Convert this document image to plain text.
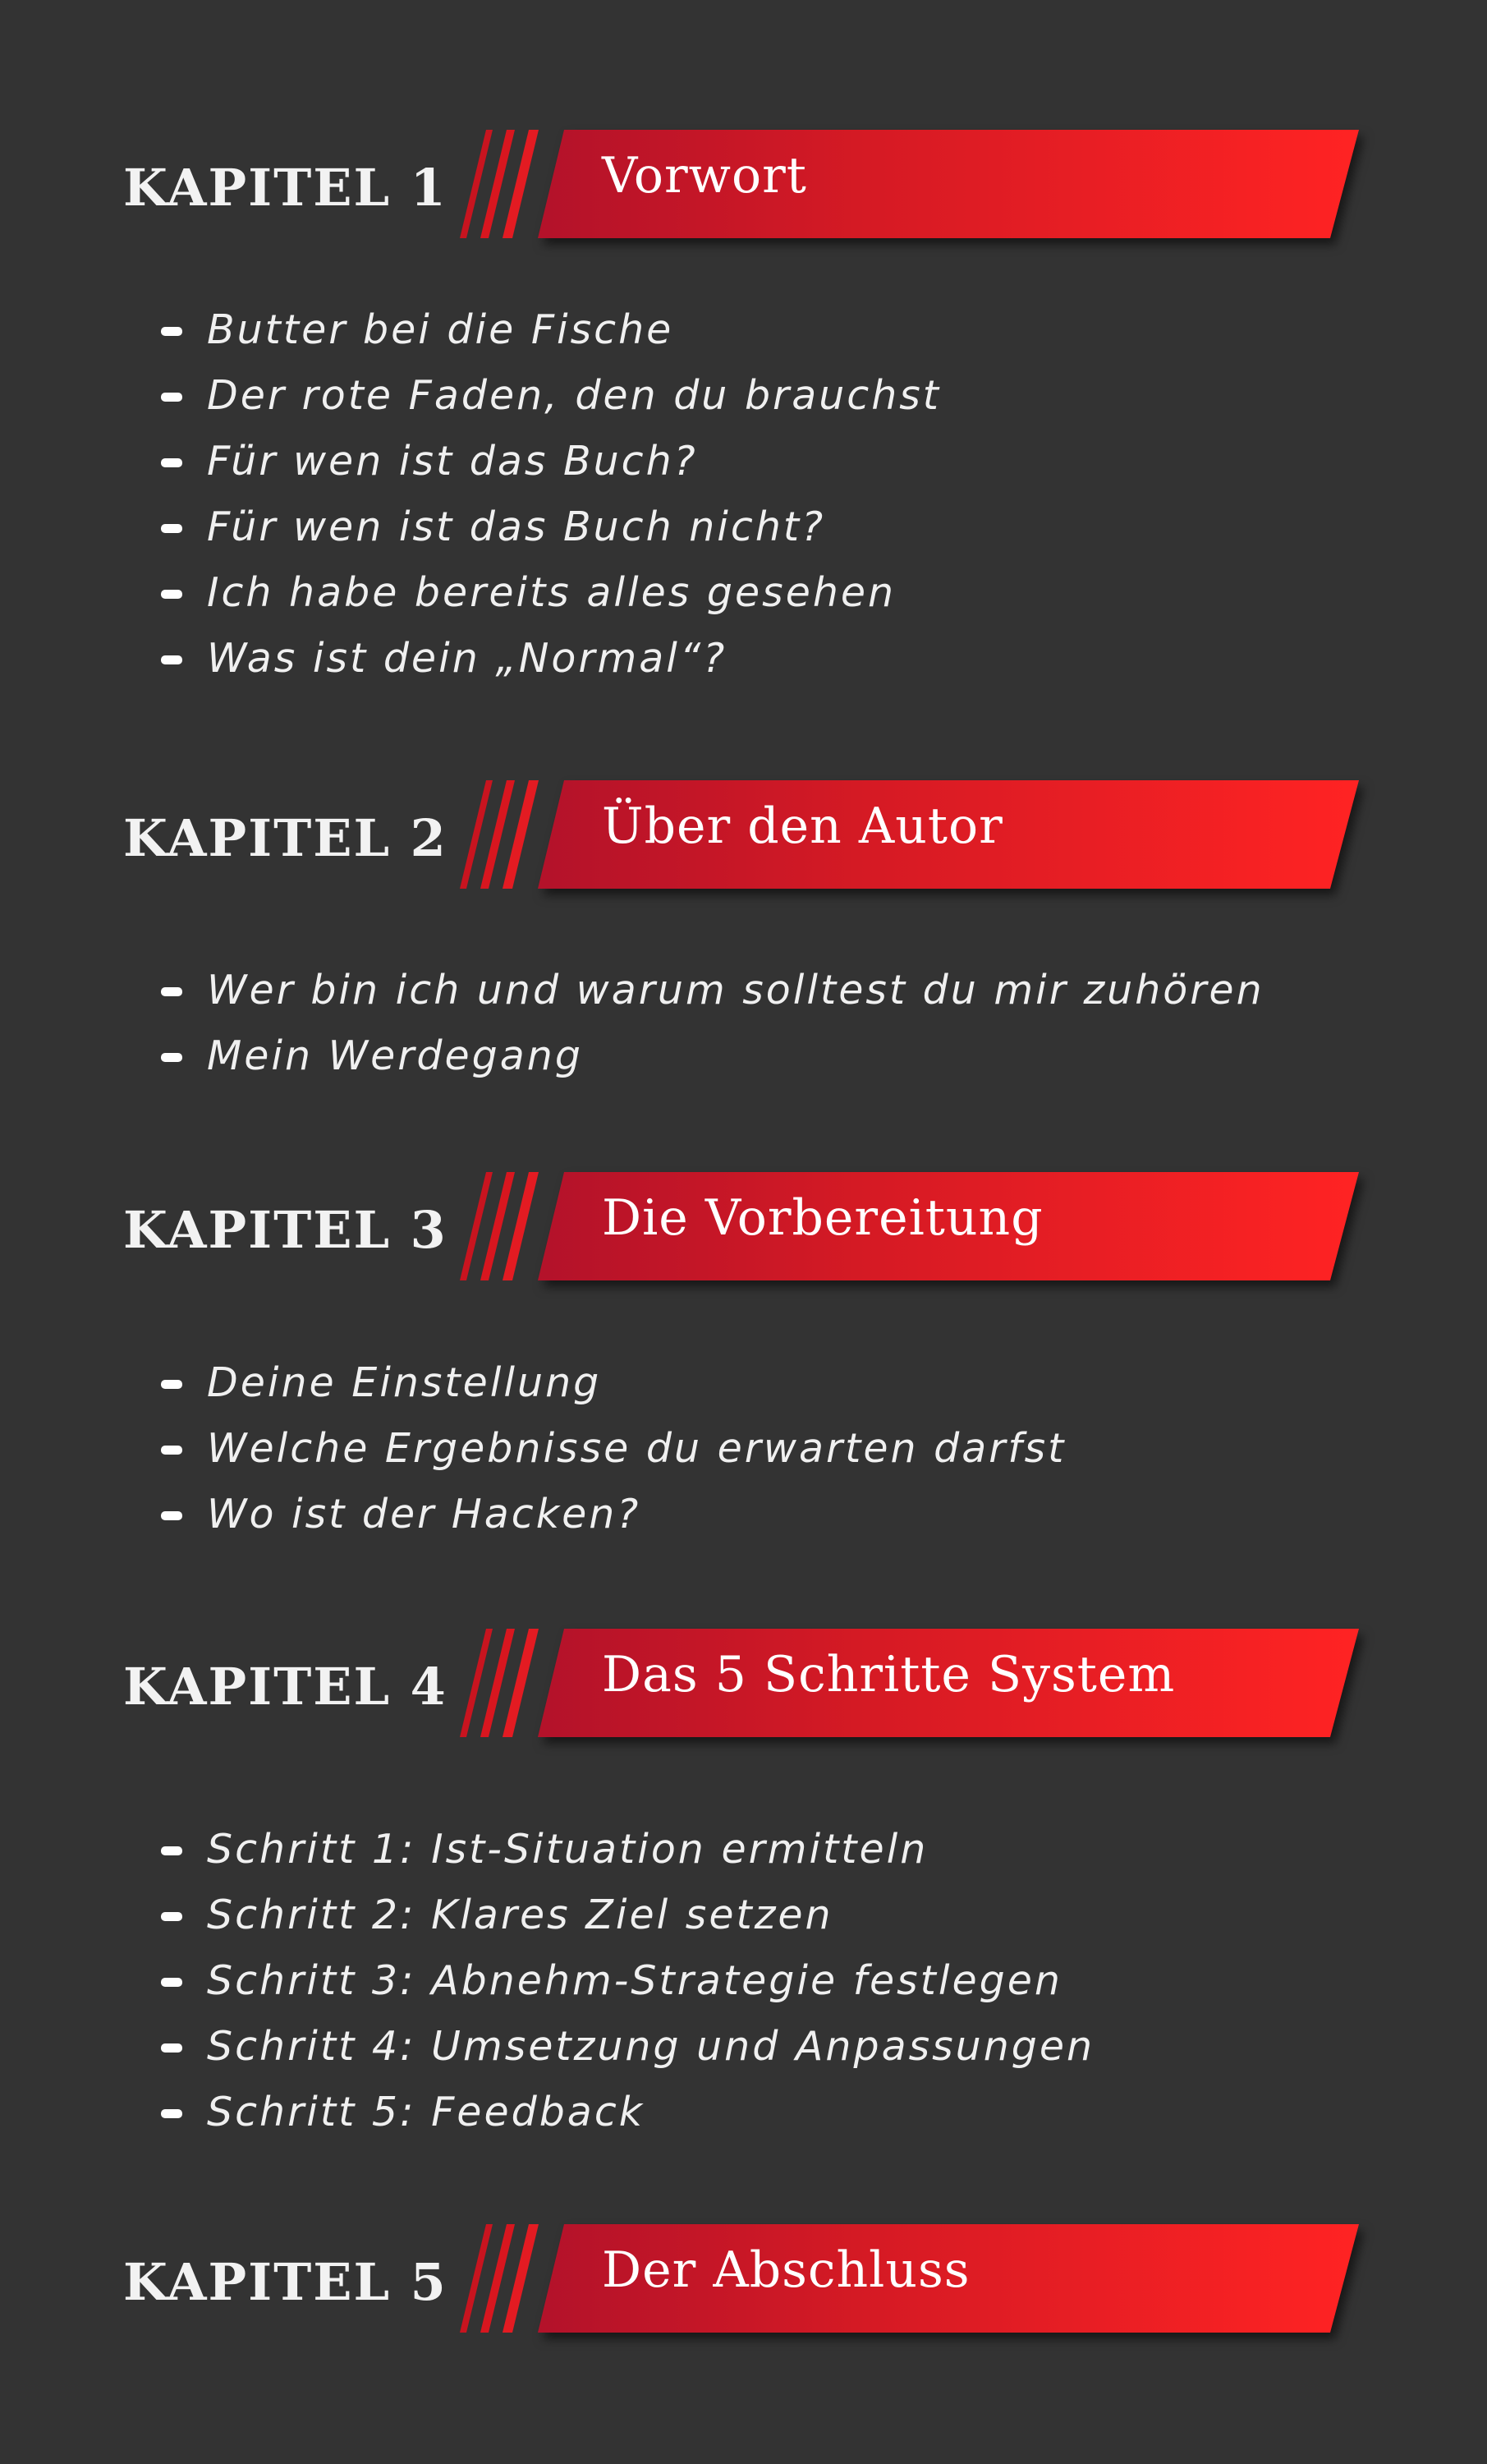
KAPITEL 1	Vorwort
Butter bei die Fische
Der rote Faden, den du brauchst
Für wen ist das Buch?
Für wen ist das Buch nicht?
Ich habe bereits alles gesehen
Was ist dein „Normal“?
KAPITEL 2	Über den Autor
Wer bin ich und warum solltest du mir zuhören
Mein Werdegang
KAPITEL 3	Die Vorbereitung
Deine Einstellung
Welche Ergebnisse du erwarten darfst
Wo ist der Hacken?
KAPITEL 4	Das 5 Schritte System
Schritt 1: Ist-Situation ermitteln
Schritt 2: Klares Ziel setzen
Schritt 3: Abnehm-Strategie festlegen
Schritt 4: Umsetzung und Anpassungen
Schritt 5: Feedback
KAPITEL 5	Der Abschluss
